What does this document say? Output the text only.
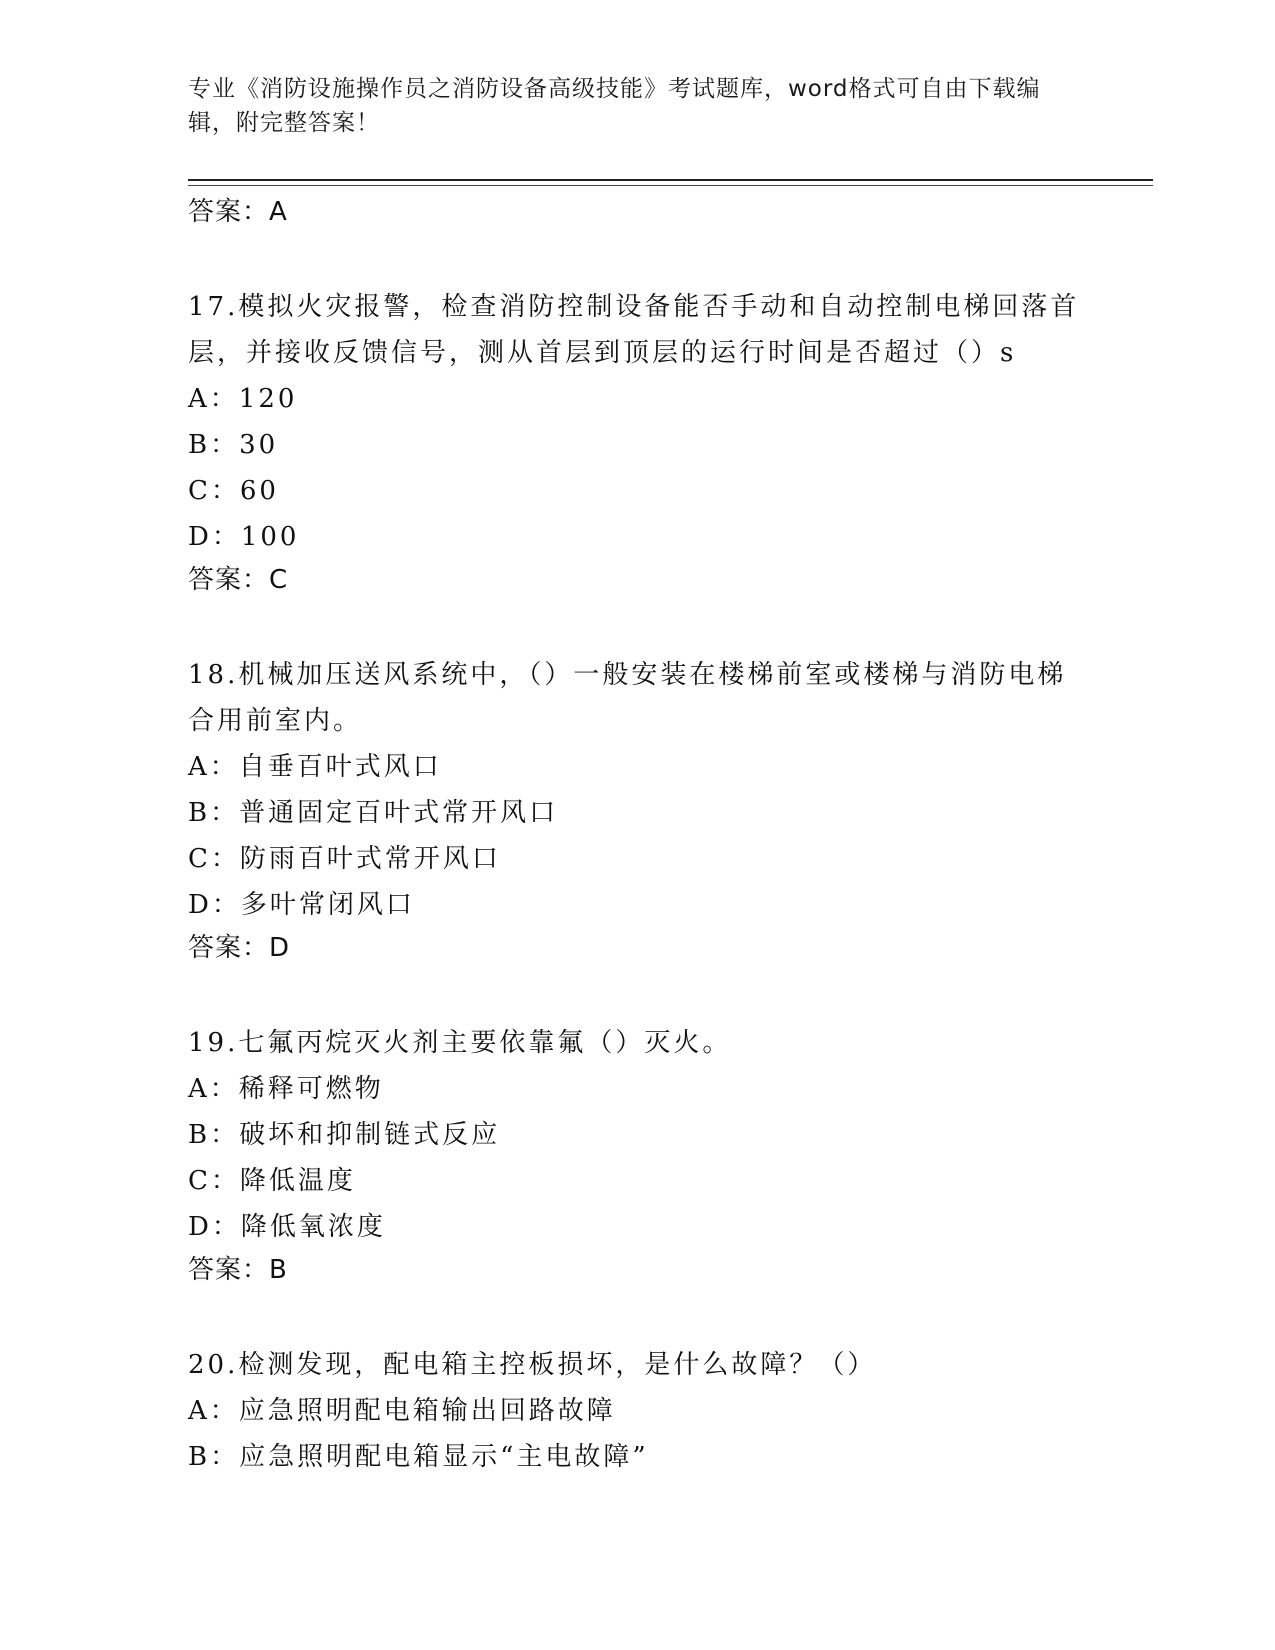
专业《消防设施操作员之消防设备高级技能》考试题库，word格式可自由下载编
辑，附完整答案！
答案：A

17.模拟火灾报警，检查消防控制设备能否手动和自动控制电梯回落首
层，并接收反馈信号，测从首层到顶层的运行时间是否超过（）s

A：120
B：30
C：60
D：100
答案：C

18.机械加压送风系统中，（）一般安装在楼梯前室或楼梯与消防电梯
合用前室内。

A：自垂百叶式风口
B：普通固定百叶式常开风口
C：防雨百叶式常开风口
D：多叶常闭风口
答案：D

19.七氟丙烷灭火剂主要依靠氟（）灭火。

A：稀释可燃物
B：破坏和抑制链式反应
C：降低温度
D：降低氧浓度
答案：B

20.检测发现，配电箱主控板损坏，是什么故障？（）

A：应急照明配电箱输出回路故障
B：应急照明配电箱显示“主电故障”
